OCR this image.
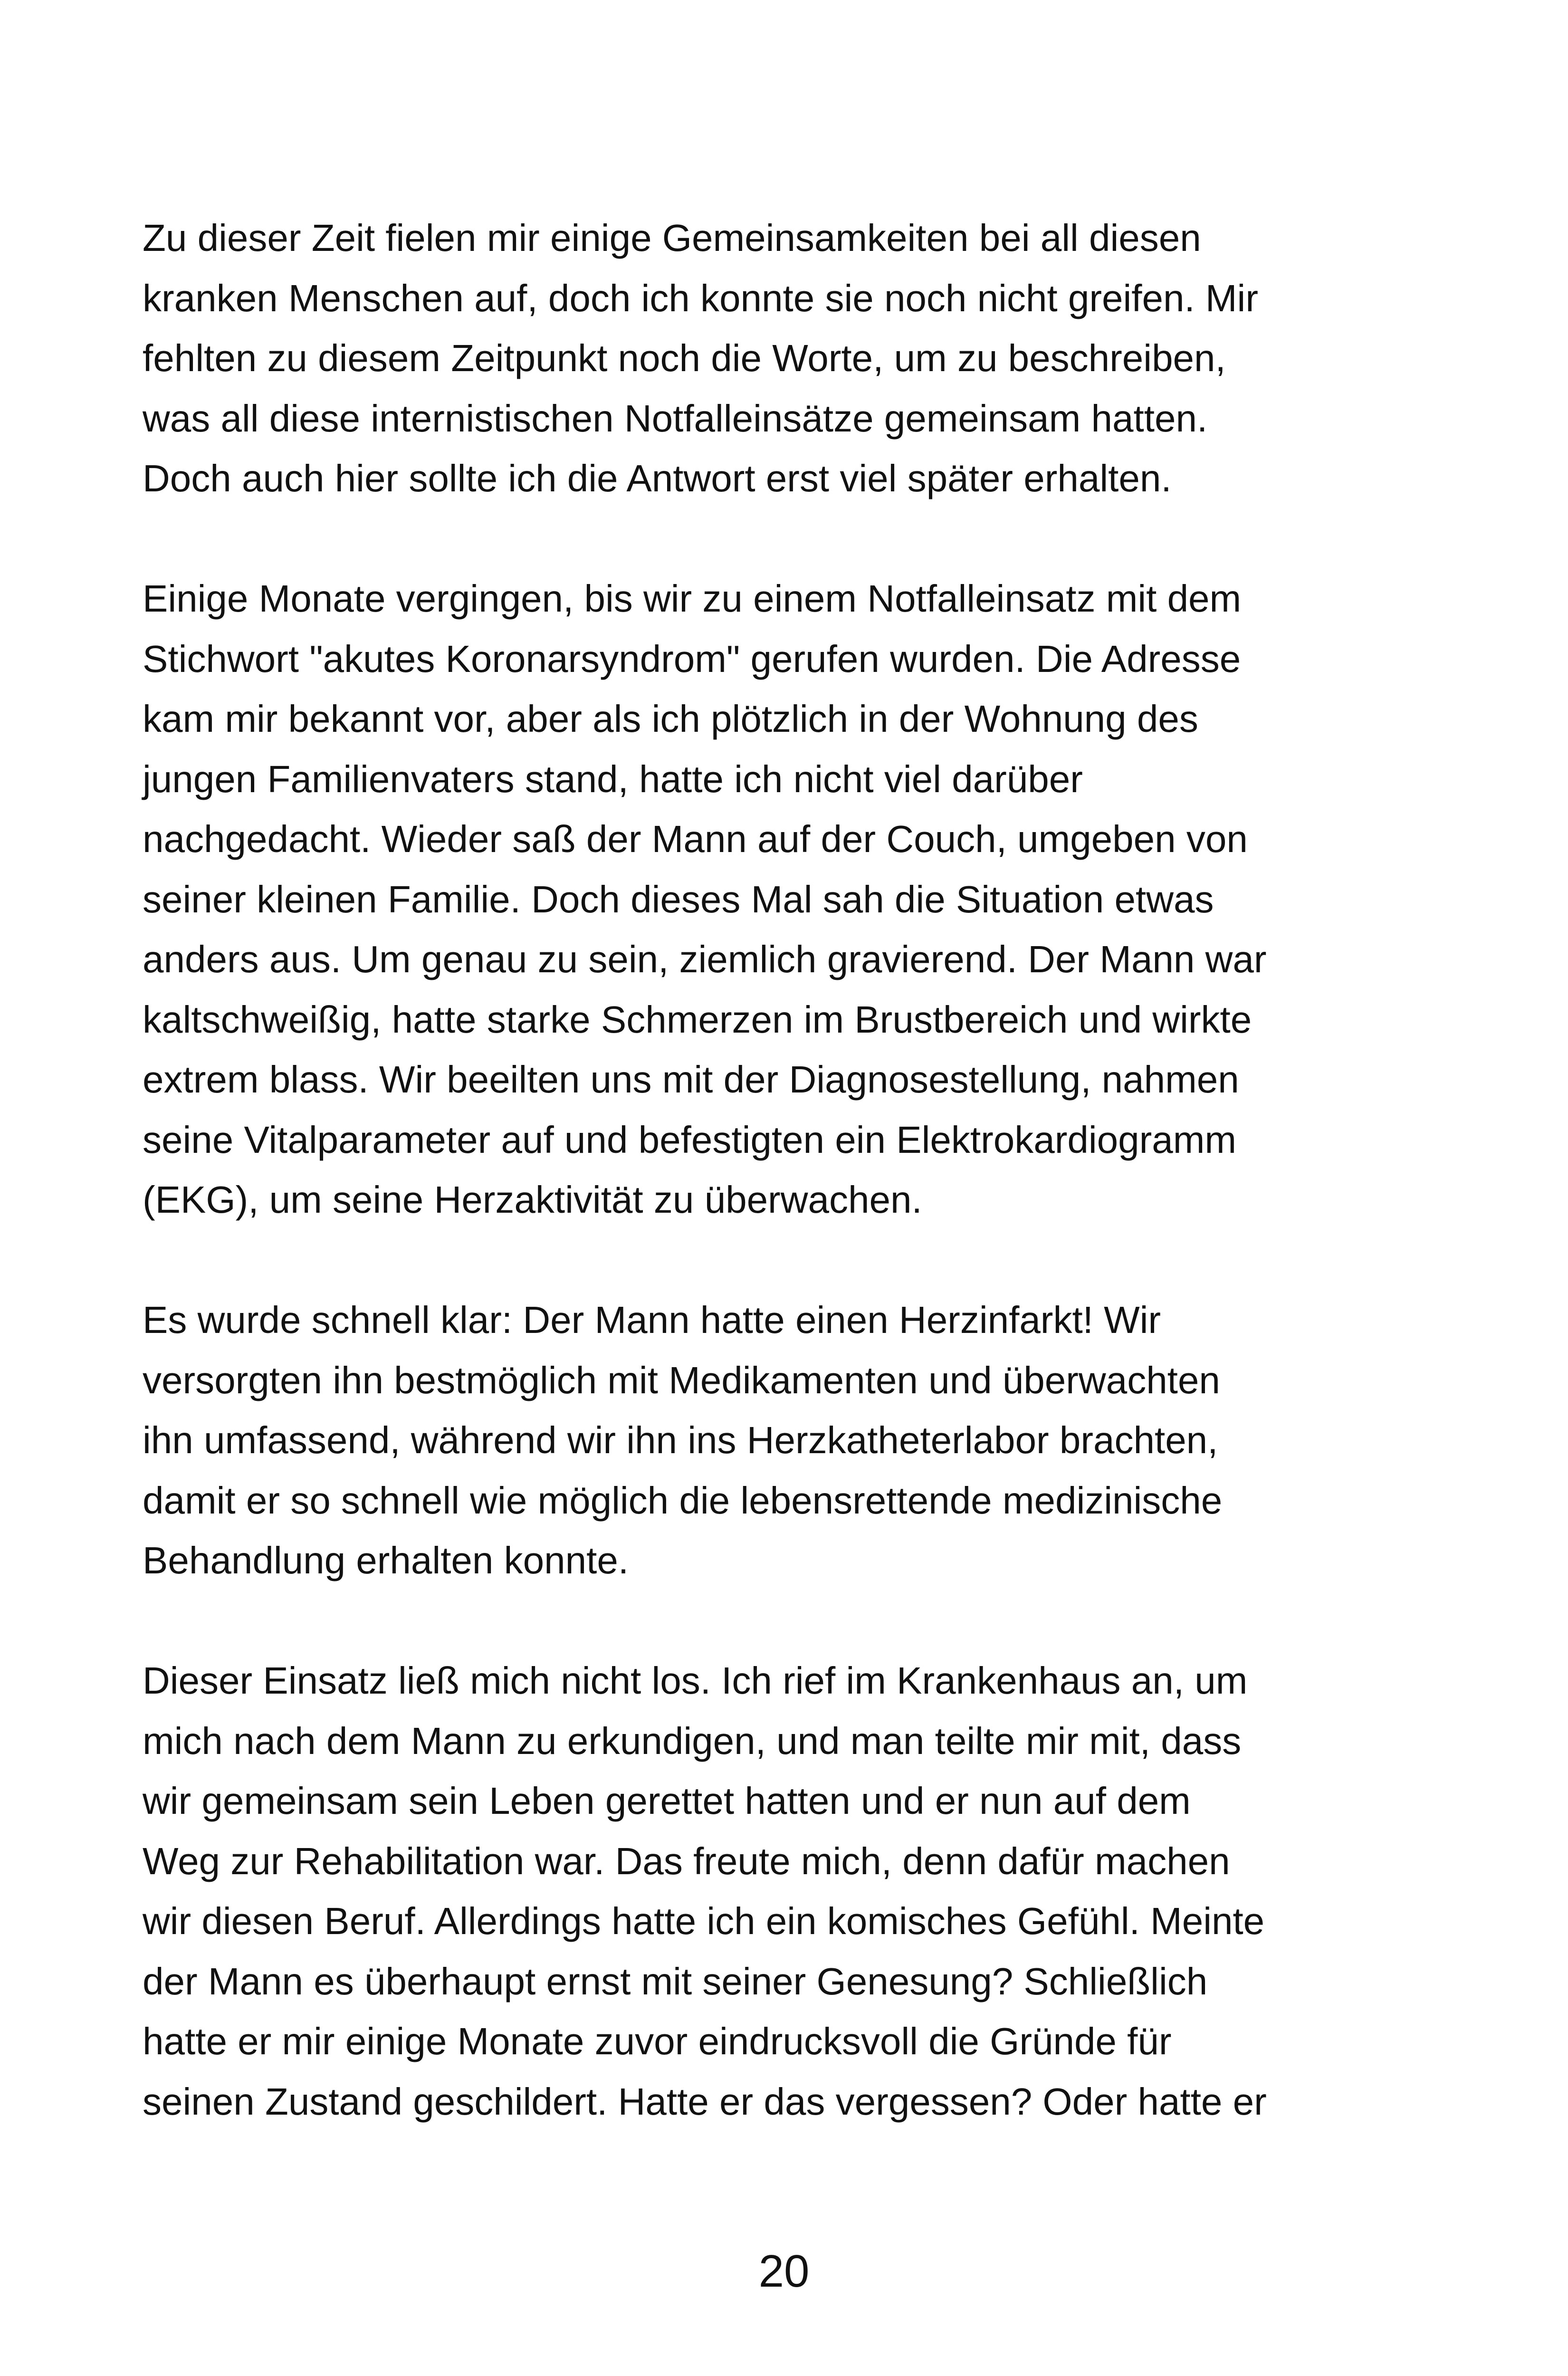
Zu dieser Zeit fielen mir einige Gemeinsamkeiten bei all diesen
kranken Menschen auf, doch ich konnte sie noch nicht greifen. Mir
fehlten zu diesem Zeitpunkt noch die Worte, um zu beschreiben,
was all diese internistischen Notfalleinsätze gemeinsam hatten.
Doch auch hier sollte ich die Antwort erst viel später erhalten.

Einige Monate vergingen, bis wir zu einem Notfalleinsatz mit dem
Stichwort "akutes Koronarsyndrom" gerufen wurden. Die Adresse
kam mir bekannt vor, aber als ich plötzlich in der Wohnung des
jungen Familienvaters stand, hatte ich nicht viel darüber
nachgedacht. Wieder saß der Mann auf der Couch, umgeben von
seiner kleinen Familie. Doch dieses Mal sah die Situation etwas
anders aus. Um genau zu sein, ziemlich gravierend. Der Mann war
kaltschweißig, hatte starke Schmerzen im Brustbereich und wirkte
extrem blass. Wir beeilten uns mit der Diagnosestellung, nahmen
seine Vitalparameter auf und befestigten ein Elektrokardiogramm
(EKG), um seine Herzaktivität zu überwachen.

Es wurde schnell klar: Der Mann hatte einen Herzinfarkt! Wir
versorgten ihn bestmöglich mit Medikamenten und überwachten
ihn umfassend, während wir ihn ins Herzkatheterlabor brachten,
damit er so schnell wie möglich die lebensrettende medizinische
Behandlung erhalten konnte.

Dieser Einsatz ließ mich nicht los. Ich rief im Krankenhaus an, um
mich nach dem Mann zu erkundigen, und man teilte mir mit, dass
wir gemeinsam sein Leben gerettet hatten und er nun auf dem
Weg zur Rehabilitation war. Das freute mich, denn dafür machen
wir diesen Beruf. Allerdings hatte ich ein komisches Gefühl. Meinte
der Mann es überhaupt ernst mit seiner Genesung? Schließlich
hatte er mir einige Monate zuvor eindrucksvoll die Gründe für
seinen Zustand geschildert. Hatte er das vergessen? Oder hatte er

20
